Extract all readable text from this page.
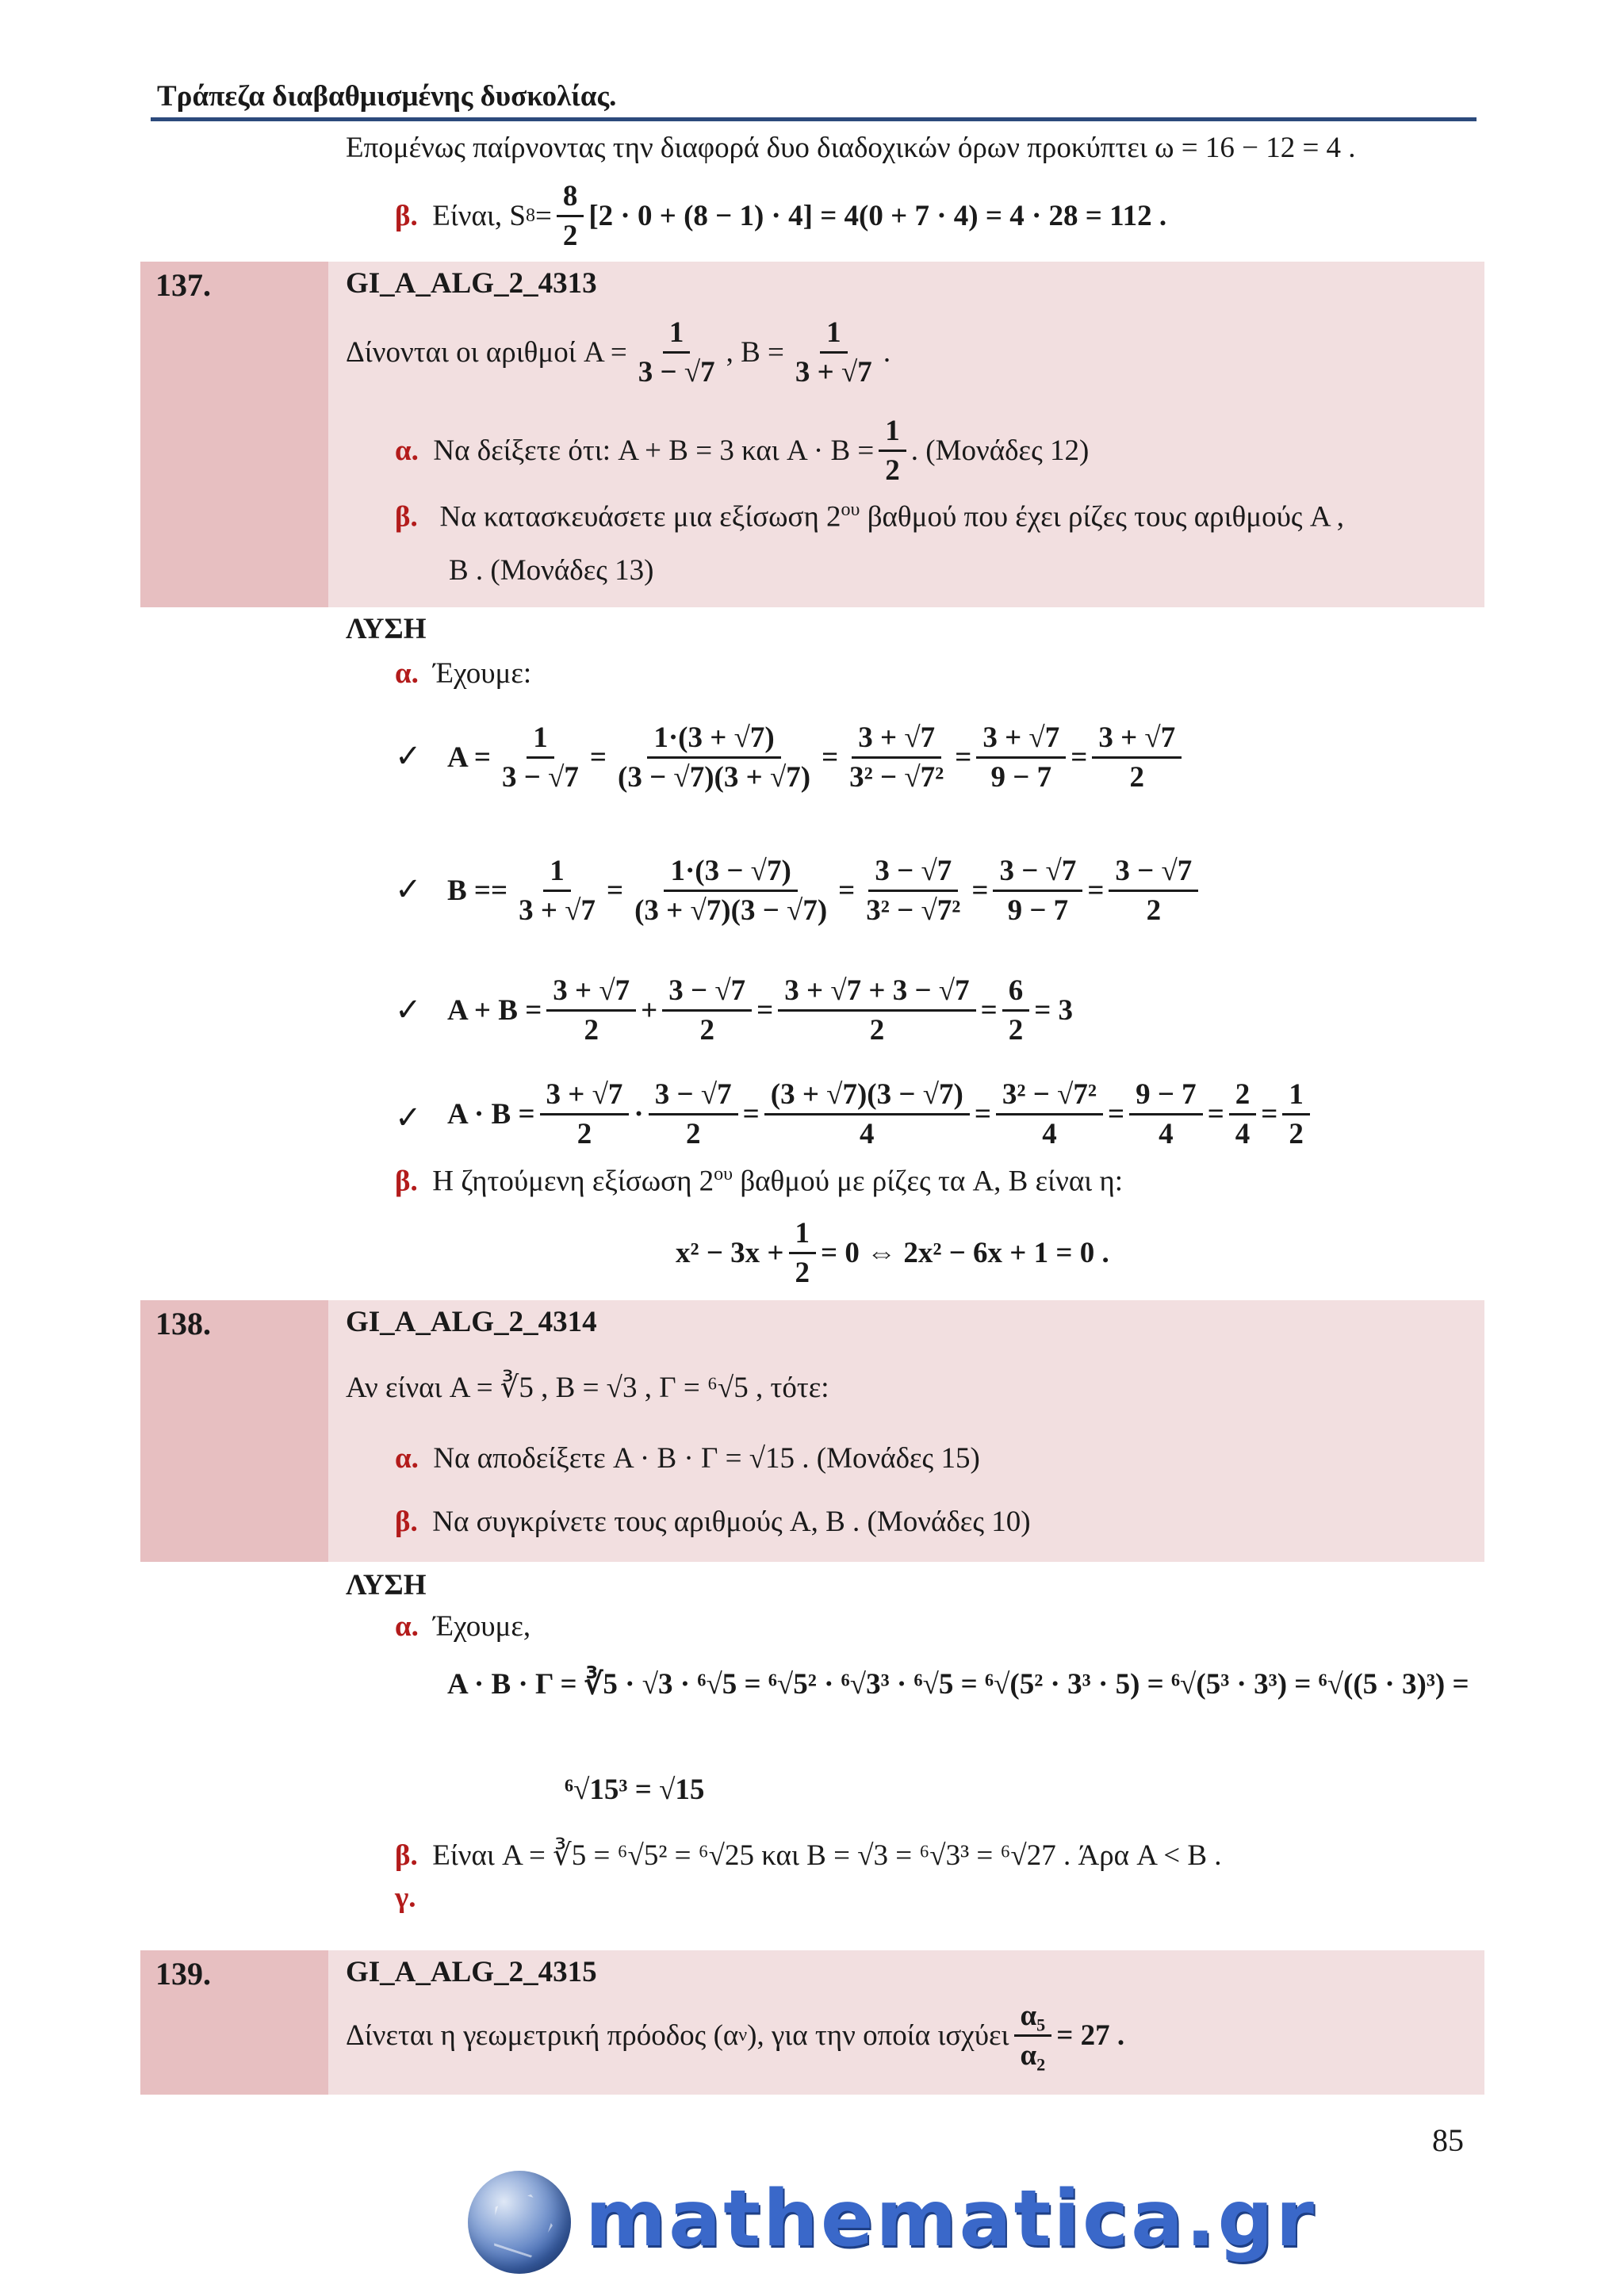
Τράπεζα διαβαθμισμένης δυσκολίας.
Επομένως παίρνοντας την διαφορά δυο διαδοχικών όρων προκύπτει ω = 16 − 12 = 4 .
β.
Είναι, S $8 = \frac{8}{2} [2 \cdot 0 + (8 - 1) \cdot 4] = 4(0 + 7 \cdot 4) = 4 \cdot 28 = 112$ .
137.	GI_A_ALG_2_4313
Δίνονται οι αριθμοί $A = \frac{1}{3 - √7}$ , $B = \frac{1}{3 + √7}$ .
α.
Να δείξετε ότι: A + B = 3 και $A \cdot B = \frac{1}{2}$ . (Μονάδες 12)
β. Να κατασκευάσετε μια εξίσωση $2^{o\upsilon}$ βαθμού που έχει ρίζες τους αριθμούς A ,
B . (Μονάδες 13)
ΛΥΣΗ
α. Έχουμε:
✓ $A = \frac{1}{3 - √7} = \frac{1\cdot(3 + √7)}{(3 - √7)(3 + √7)} = \frac{3 + √7}{\text{3² − √7²}} = \frac{3 + √7}{9 - 7} = \frac{3 + √7}{2}$
✓ $B == \frac{1}{3 + √7} = \frac{1\cdot(3 - √7)}{(3 + √7)(3 - √7)} = \frac{3 - √7}{\text{3² − √7²}} = \frac{3 - √7}{9 - 7} = \frac{3 - √7}{2}$
✓ $A + B = \frac{3 + √7}{2} + \frac{3 - √7}{2} = \frac{3 + √7 + 3 - √7}{2} = \frac{6}{2} = 3$
✓ $A \cdot B = \frac{3 + √7}{2} \cdot \frac{3 - √7}{2} = \frac{(3 + √7)(3 - √7)}{4} = \frac{\text{3² − √7²}}{4} = \frac{9 - 7}{4} = \frac{2}{4} = \frac{1}{2}$
β. Η ζητούμενη εξίσωση $2^{o\upsilon}$ βαθμού με ρίζες τα A, B είναι η:
$x^2 - 3x + \frac{1}{2} = 0$ ⇔ 2x² − 6x + 1 = 0 .
138.	GI_A_ALG_2_4314
Αν είναι A = ∛5 , B = √3 , Γ = ⁶√5 , τότε:
α. Να αποδείξετε A · B · Γ = √15 . (Μονάδες 15)
β. Να συγκρίνετε τους αριθμούς A, B . (Μονάδες 10)
ΛΥΣΗ
α. Έχουμε,
A · B · Γ = ∛5 · √3 · ⁶√5 = ⁶√5² · ⁶√3³ · ⁶√5 = ⁶√(5² · 3³ · 5) = ⁶√(5³ · 3³) = ⁶√((5 · 3)³) =
⁶√15³ = √15
β. Είναι A = ∛5 = ⁶√5² = ⁶√25 και B = √3 = ⁶√3³ = ⁶√27 . Άρα A < B .
γ.
139.	GI_A_ALG_2_4315
Δίνεται η γεωμετρική πρόοδος (α ν ), για την οποία ισχύει $\frac{\text{α₅}}{\text{α₂}} = 27$ .
85
mathematica.gr
